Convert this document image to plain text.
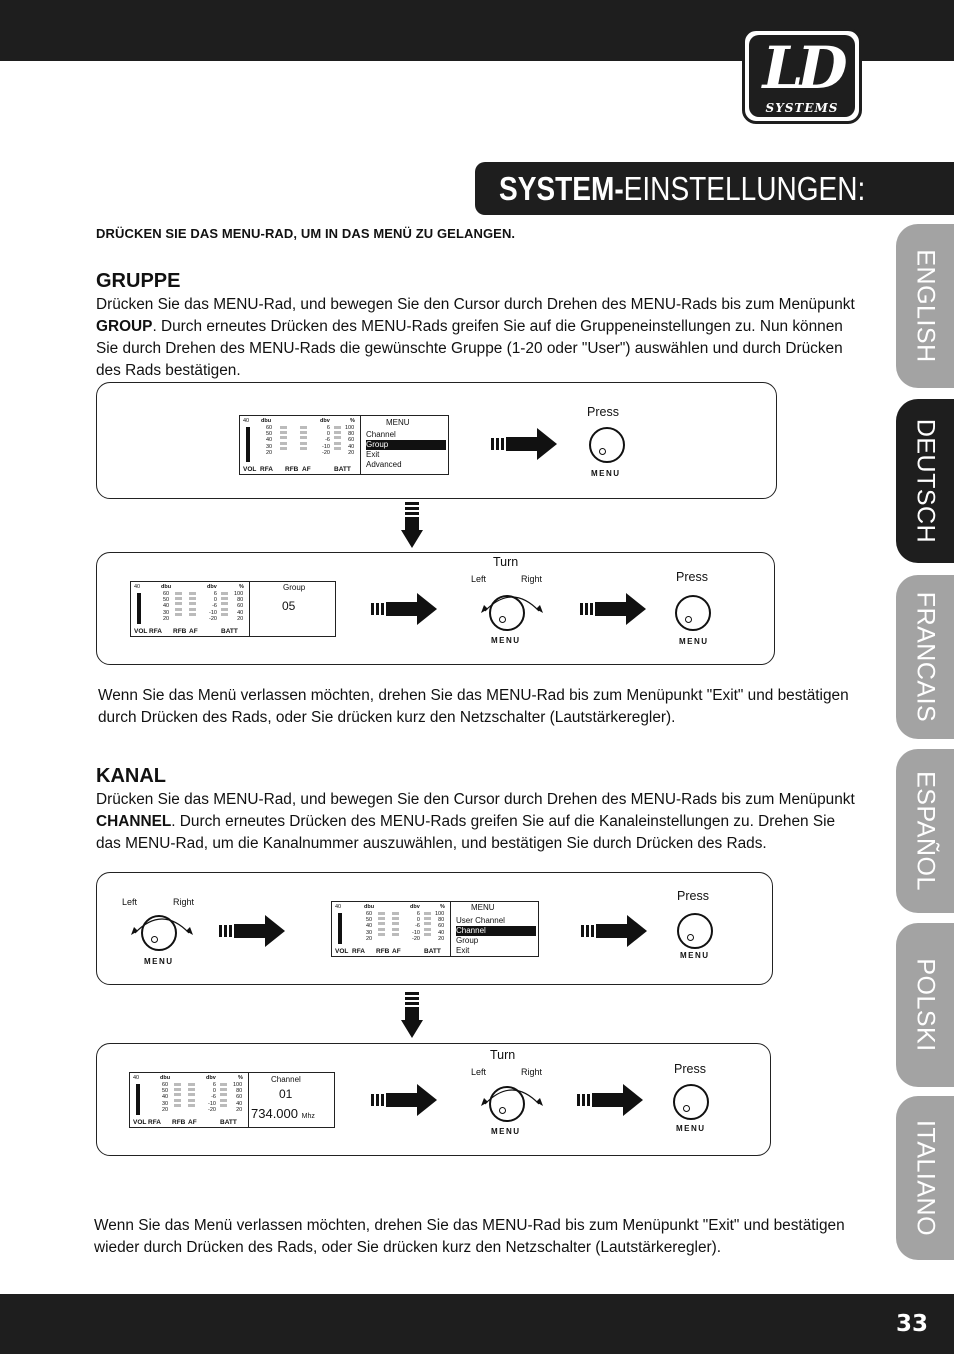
LD
SYSTEMS
SYSTEM-EINSTELLUNGEN:
ENGLISH
DEUTSCH
FRANCAIS
ESPAÑOL
POLSKI
ITALIANO
DRÜCKEN SIE DAS MENU-RAD, UM IN DAS MENÜ ZU GELANGEN.
GRUPPE
Drücken Sie das MENU-Rad, und bewegen Sie den Cursor durch Drehen des MENU-Rads bis zum Menüpunkt GROUP. Durch erneutes Drücken des MENU-Rads greifen Sie auf die Gruppeneinstellungen zu. Nun können Sie durch Drehen des MENU-Rads die gewünschte Gruppe (1-20 oder "User") auswählen und durch Drücken des Rads bestätigen.
40 dbu
60
50
40
30
20
dbv
6
0
-6
-10
-20
%
100
80
60
40
20
VOL RFA RFB AF	BATT
MENU
Channel
Group
Exit
Advanced
Press
MENU
40	dbu
60
50
40
30
20
dbv
6
0
-6
-10
-20
%
100
80
60
40
20
VOL RFA RFB AF	BATT
Group
05
Turn
Left	Right
MENU
Press
MENU
Wenn Sie das Menü verlassen möchten, drehen Sie das MENU-Rad bis zum Menüpunkt "Exit" und bestätigen durch Drücken des Rads, oder Sie drücken kurz den Netzschalter (Lautstärkeregler).
KANAL
Drücken Sie das MENU-Rad, und bewegen Sie den Cursor durch Drehen des MENU-Rads bis zum Menüpunkt CHANNEL. Durch erneutes Drücken des MENU-Rads greifen Sie auf die Kanaleinstellungen zu. Drehen Sie das MENU-Rad, um die Kanalnummer auszuwählen, und bestätigen Sie durch Drücken des Rads.
Left	Right
MENU
40	dbu
60
50
40
30
20
dbv
6
0
-6
-10
-20
%
100
80
60
40
20
VOL RFA RFB AF	BATT
MENU
User Channel
Channel
Group
Exit
Press
MENU
40	dbu
60
50
40
30
20
dbv
6
0
-6
-10
-20
%
100
80
60
40
20
VOL RFA RFB AF	BATT
Channel
01
734.000 Mhz
Turn
Left	Right
MENU
Press
MENU
Wenn Sie das Menü verlassen möchten, drehen Sie das MENU-Rad bis zum Menüpunkt "Exit" und bestätigen wieder durch Drücken des Rads, oder Sie drücken kurz den Netzschalter (Lautstärkeregler).
33
